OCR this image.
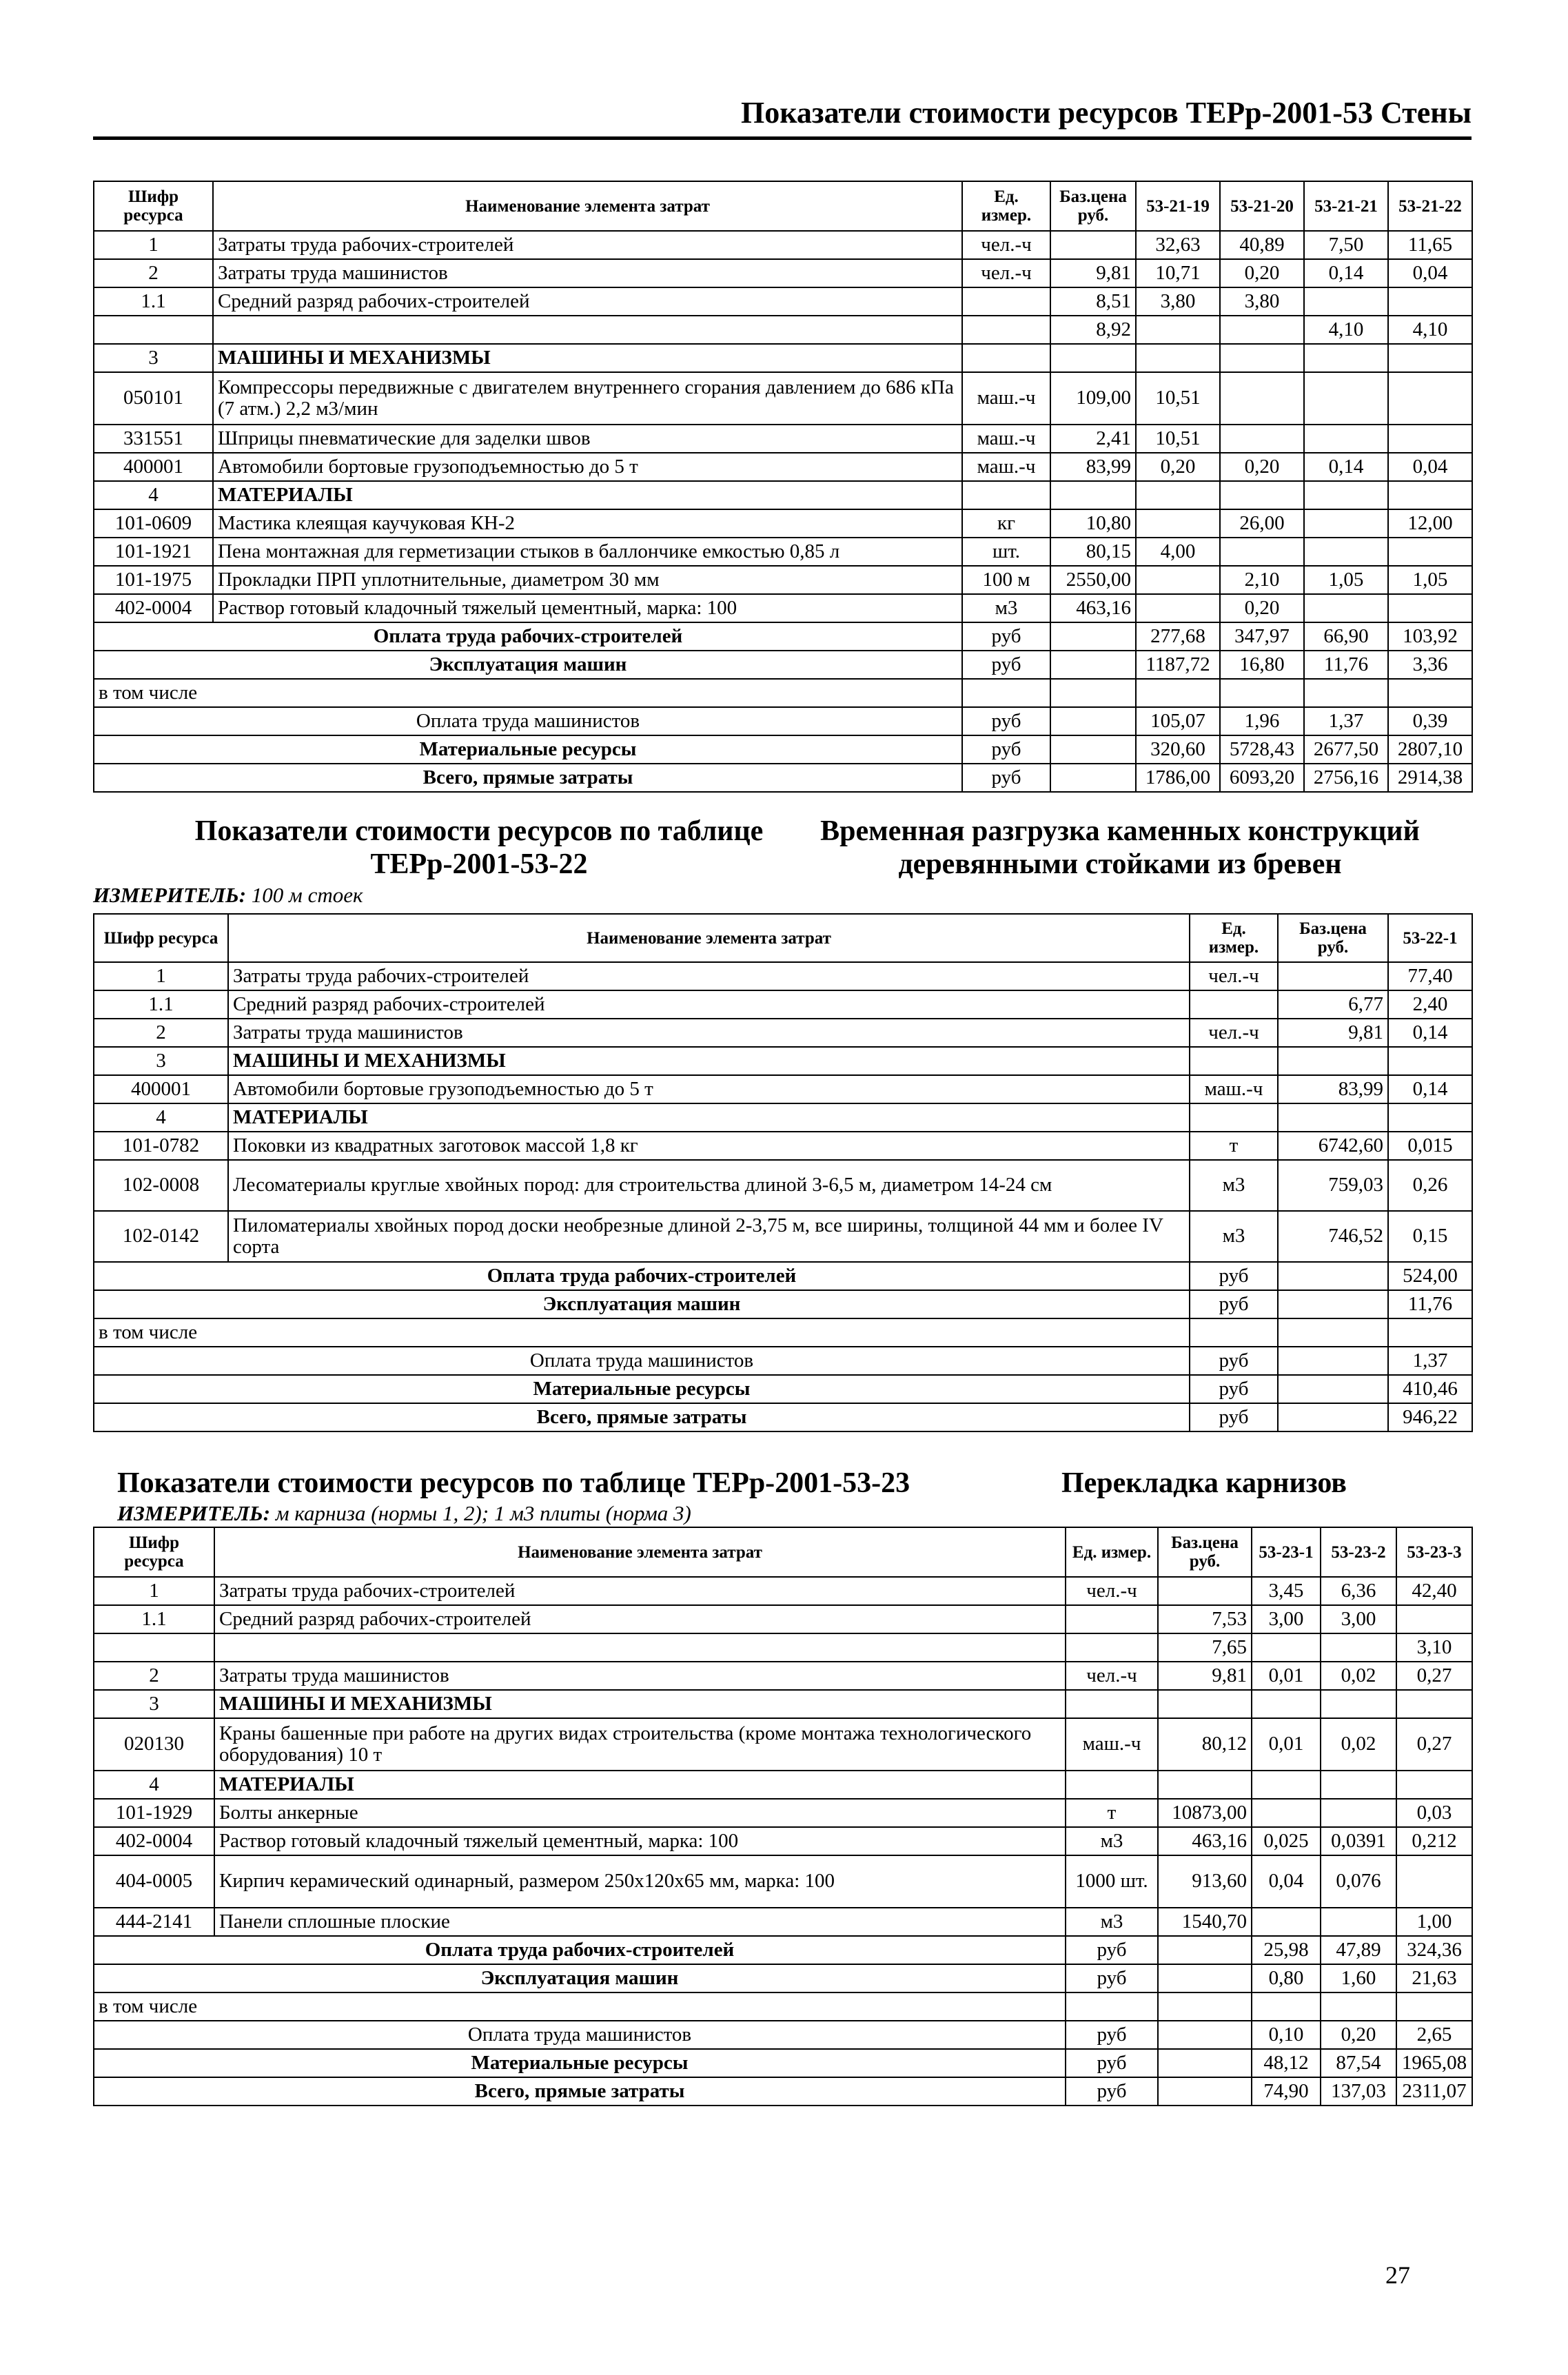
Показатели стоимости ресурсов ТЕРр-2001-53 Стены
Шифр ресурса	Наименование элемента затрат	Ед. измер.	Баз.цена руб.	53-21-19	53-21-20	53-21-21	53-21-22
1	Затраты труда рабочих-строителей	чел.-ч		32,63	40,89	7,50	11,65
2	Затраты труда машинистов	чел.-ч	9,81	10,71	0,20	0,14	0,04
1.1	Средний разряд рабочих-строителей		8,51	3,80	3,80		
			8,92			4,10	4,10
3	МАШИНЫ И МЕХАНИЗМЫ						
050101	Компрессоры передвижные с двигателем внутреннего сгорания давлением до 686 кПа (7 атм.) 2,2 м3/мин	маш.-ч	109,00	10,51			
331551	Шприцы пневматические для заделки швов	маш.-ч	2,41	10,51			
400001	Автомобили бортовые грузоподъемностью до 5 т	маш.-ч	83,99	0,20	0,20	0,14	0,04
4	МАТЕРИАЛЫ						
101-0609	Мастика клеящая каучуковая КН-2	кг	10,80		26,00		12,00
101-1921	Пена монтажная для герметизации стыков в баллончике емкостью 0,85 л	шт.	80,15	4,00			
101-1975	Прокладки ПРП уплотнительные, диаметром 30 мм	100 м	2550,00		2,10	1,05	1,05
402-0004	Раствор готовый кладочный тяжелый цементный, марка: 100	м3	463,16		0,20		
Оплата труда рабочих-строителей		руб		277,68	347,97	66,90	103,92
Эксплуатация машин		руб		1187,72	16,80	11,76	3,36
в том числе							
Оплата труда машинистов		руб		105,07	1,96	1,37	0,39
Материальные ресурсы		руб		320,60	5728,43	2677,50	2807,10
Всего, прямые затраты		руб		1786,00	6093,20	2756,16	2914,38
Показатели стоимости ресурсов по таблице
ТЕРр-2001-53-22
Временная разгрузка каменных конструкций
деревянными стойками из бревен
ИЗМЕРИТЕЛЬ: 100 м стоек
Шифр ресурса	Наименование элемента затрат	Ед. измер.	Баз.цена руб.	53-22-1
1	Затраты труда рабочих-строителей	чел.-ч		77,40
1.1	Средний разряд рабочих-строителей		6,77	2,40
2	Затраты труда машинистов	чел.-ч	9,81	0,14
3	МАШИНЫ И МЕХАНИЗМЫ			
400001	Автомобили бортовые грузоподъемностью до 5 т	маш.-ч	83,99	0,14
4	МАТЕРИАЛЫ			
101-0782	Поковки из квадратных заготовок массой 1,8 кг	т	6742,60	0,015
102-0008	Лесоматериалы круглые хвойных пород: для строительства длиной 3-6,5 м, диаметром 14-24 см	м3	759,03	0,26
102-0142	Пиломатериалы хвойных пород доски необрезные длиной 2-3,75 м, все ширины, толщиной 44 мм и более IV сорта	м3	746,52	0,15
Оплата труда рабочих-строителей		руб		524,00
Эксплуатация машин		руб		11,76
в том числе				
Оплата труда машинистов		руб		1,37
Материальные ресурсы		руб		410,46
Всего, прямые затраты		руб		946,22
Показатели стоимости ресурсов по таблице ТЕРр-2001-53-23	Перекладка карнизов
ИЗМЕРИТЕЛЬ: м карниза (нормы 1, 2); 1 м3 плиты (норма 3)
Шифр ресурса	Наименование элемента затрат	Ед. измер.	Баз.цена руб.	53-23-1	53-23-2	53-23-3
1	Затраты труда рабочих-строителей	чел.-ч		3,45	6,36	42,40
1.1	Средний разряд рабочих-строителей		7,53	3,00	3,00	
			7,65			3,10
2	Затраты труда машинистов	чел.-ч	9,81	0,01	0,02	0,27
3	МАШИНЫ И МЕХАНИЗМЫ					
020130	Краны башенные при работе на других видах строительства (кроме монтажа технологического оборудования) 10 т	маш.-ч	80,12	0,01	0,02	0,27
4	МАТЕРИАЛЫ					
101-1929	Болты анкерные	т	10873,00			0,03
402-0004	Раствор готовый кладочный тяжелый цементный, марка: 100	м3	463,16	0,025	0,0391	0,212
404-0005	Кирпич керамический одинарный, размером 250х120х65 мм, марка: 100	1000 шт.	913,60	0,04	0,076	
444-2141	Панели сплошные плоские	м3	1540,70			1,00
Оплата труда рабочих-строителей		руб		25,98	47,89	324,36
Эксплуатация машин		руб		0,80	1,60	21,63
в том числе						
Оплата труда машинистов		руб		0,10	0,20	2,65
Материальные ресурсы		руб		48,12	87,54	1965,08
Всего, прямые затраты		руб		74,90	137,03	2311,07
27
